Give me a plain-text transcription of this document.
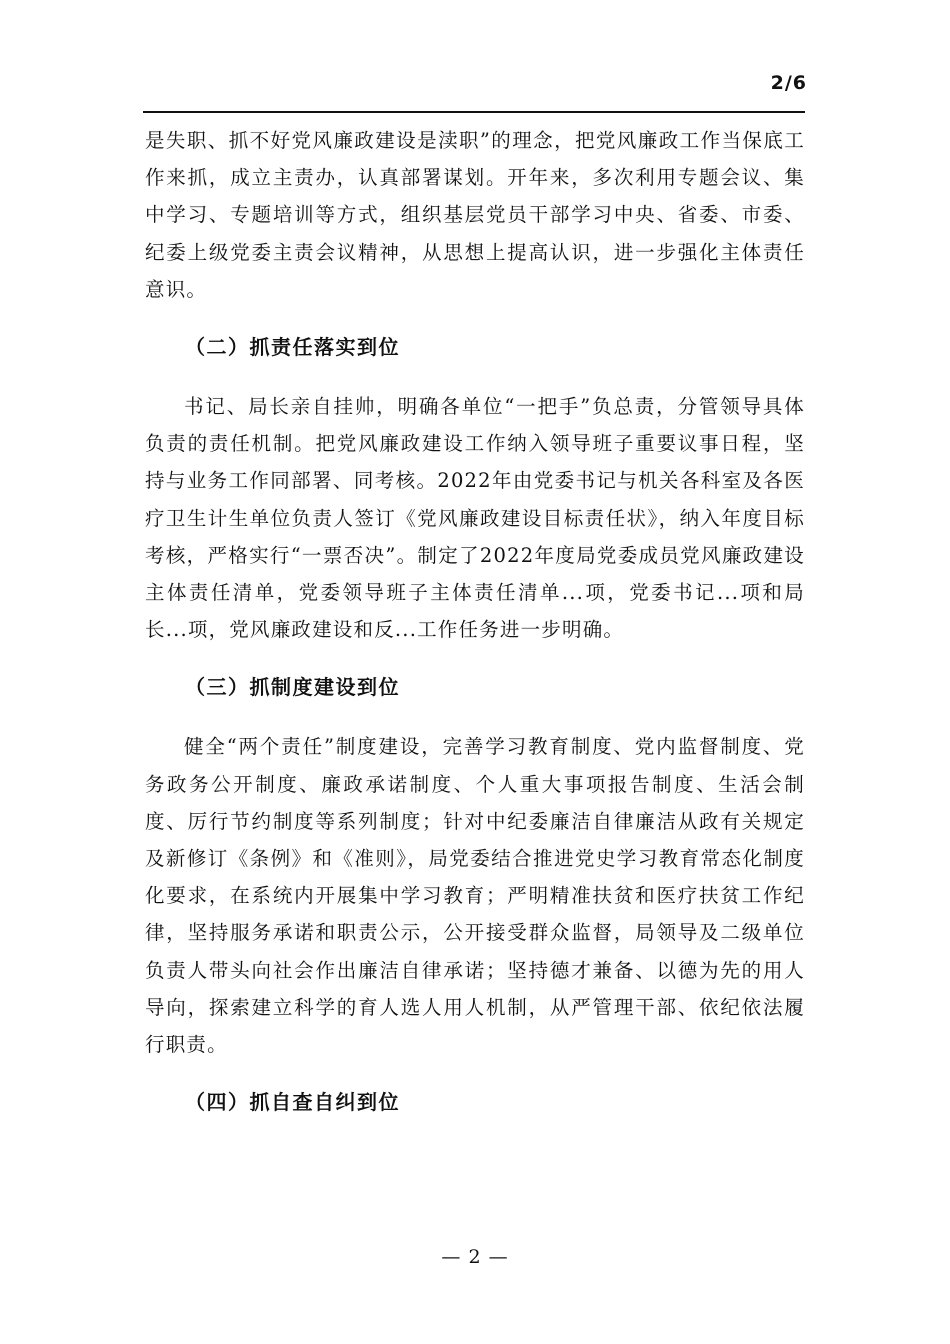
2/6

是失职、抓不好党风廉政建设是渎职”的理念，把党风廉政工作当保底工作来抓，成立主责办，认真部署谋划。开年来，多次利用专题会议、集中学习、专题培训等方式，组织基层党员干部学习中央、省委、市委、纪委上级党委主责会议精神，从思想上提高认识，进一步强化主体责任意识。

（二）抓责任落实到位

书记、局长亲自挂帅，明确各单位“一把手”负总责，分管领导具体负责的责任机制。把党风廉政建设工作纳入领导班子重要议事日程，坚持与业务工作同部署、同考核。2022年由党委书记与机关各科室及各医疗卫生计生单位负责人签订《党风廉政建设目标责任状》，纳入年度目标考核，严格实行“一票否决”。制定了2022年度局党委成员党风廉政建设主体责任清单，党委领导班子主体责任清单...项，党委书记...项和局长...项，党风廉政建设和反...工作任务进一步明确。

（三）抓制度建设到位

健全“两个责任”制度建设，完善学习教育制度、党内监督制度、党务政务公开制度、廉政承诺制度、个人重大事项报告制度、生活会制度、厉行节约制度等系列制度；针对中纪委廉洁自律廉洁从政有关规定及新修订《条例》和《准则》，局党委结合推进党史学习教育常态化制度化要求，在系统内开展集中学习教育；严明精准扶贫和医疗扶贫工作纪律，坚持服务承诺和职责公示，公开接受群众监督，局领导及二级单位负责人带头向社会作出廉洁自律承诺；坚持德才兼备、以德为先的用人导向，探索建立科学的育人选人用人机制，从严管理干部、依纪依法履行职责。

（四）抓自查自纠到位
— 2 —
